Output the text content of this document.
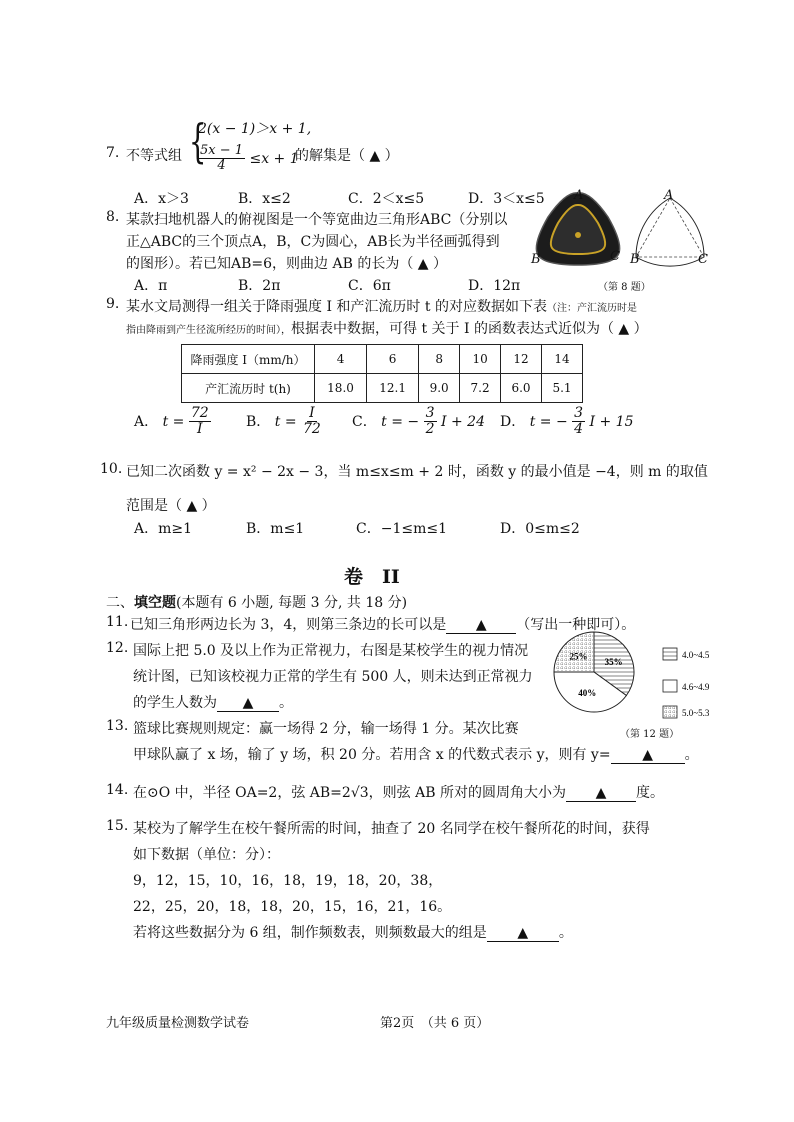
7. 不等式组 {
2(x − 1)＞x + 1,
$\frac{5x - 1}{4} \le x + 1$
的解集是（ ▲ ）
A．x＞3	B．x≤2	C．2＜x≤5	D．3＜x≤5
8. 某款扫地机器人的俯视图是一个等宽曲边三角形ABC（分别以
正△ABC的三个顶点A，B，C为圆心，AB长为半径画弧得到
的图形）。若已知AB=6，则曲边 AB 的长为（ ▲ ）
A．π	B．2π	C．6π	D．12π
A
B	C
A
B	C
（第 8 题）
9. 某水文局测得一组关于降雨强度 I 和产汇流历时 t 的对应数据如下表（注：产汇流历时是
指由降雨到产生径流所经历的时间），根据表中数据，可得 t 关于 I 的函数表达式近似为（ ▲ ）
降雨强度 I（mm/h）	4	6	8	10	12	14
产汇流历时 t(h)	18.0	12.1	9.0	7.2	6.0	5.1
A． $t = \frac{72}{I}$	B． $t = \frac{I}{72}$ C． t = − $\frac{3}{2}$ I + 24 D． t = − $\frac{3}{4}$ I + 15
10. 已知二次函数 y = x² − 2x − 3，当 m≤x≤m + 2 时，函数 y 的最小值是 −4，则 m 的取值
范围是（ ▲ ）
A．m≥1	B．m≤1	C．−1≤m≤1	D．0≤m≤2
卷　II
二、填空题(本题有 6 小题, 每题 3 分, 共 18 分)
11. 已知三角形两边长为 3，4，则第三条边的长可以是 ▲ （写出一种即可）。
12. 国际上把 5.0 及以上作为正常视力，右图是某校学生的视力情况
统计图，已知该校视力正常的学生有 500 人，则未达到正常视力
的学生人数为 ▲ 。
35%
40%
25%	4.0~4.5
4.6~4.9
5.0~5.3
（第 12 题）
13. 篮球比赛规则规定：赢一场得 2 分，输一场得 1 分。某次比赛
甲球队赢了 x 场，输了 y 场，积 20 分。若用含 x 的代数式表示 y，则有 y= ▲ 。
14. 在⊙O 中，半径 OA=2，弦 AB=2√3，则弦 AB 所对的圆周角大小为 ▲ 度。
15. 某校为了解学生在校午餐所需的时间，抽查了 20 名同学在校午餐所花的时间，获得
如下数据（单位：分）：
9，12，15，10，16，18，19，18，20，38，
22，25，20，18，18，20，15，16，21，16。
若将这些数据分为 6 组，制作频数表，则频数最大的组是 ▲ 。
九年级质量检测数学试卷	第2页　（共 6 页）
